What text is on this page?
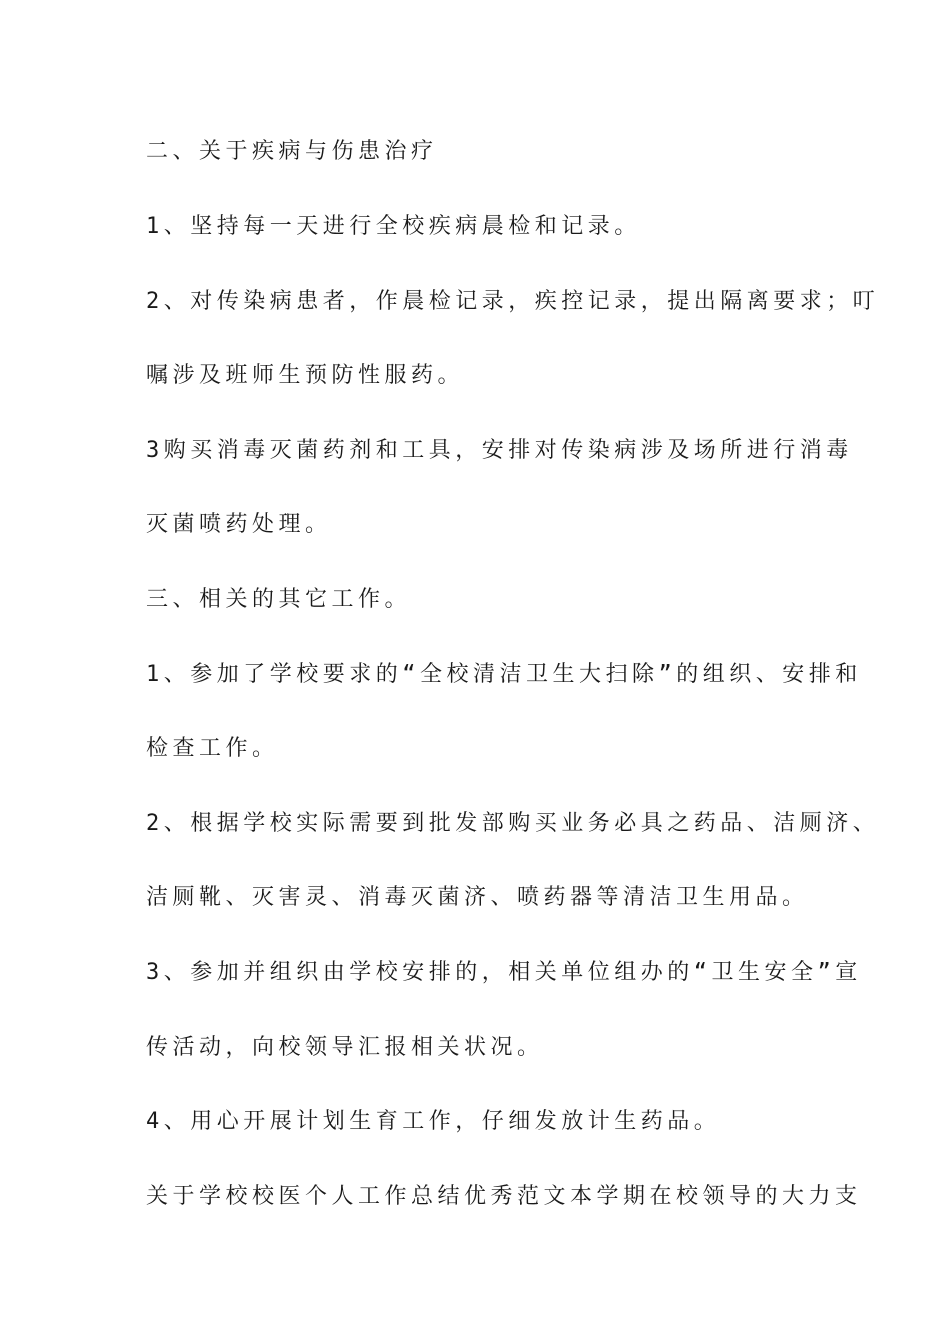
二、关于疾病与伤患治疗
1、坚持每一天进行全校疾病晨检和记录。
2、对传染病患者，作晨检记录，疾控记录，提出隔离要求；叮
嘱涉及班师生预防性服药。
3购买消毒灭菌药剂和工具，安排对传染病涉及场所进行消毒
灭菌喷药处理。
三、相关的其它工作。
1、参加了学校要求的“全校清洁卫生大扫除”的组织、安排和
检查工作。
2、根据学校实际需要到批发部购买业务必具之药品、洁厕济、
洁厕靴、灭害灵、消毒灭菌济、喷药器等清洁卫生用品。
3、参加并组织由学校安排的，相关单位组办的“卫生安全”宣
传活动，向校领导汇报相关状况。
4、用心开展计划生育工作，仔细发放计生药品。
关于学校校医个人工作总结优秀范文本学期在校领导的大力支
